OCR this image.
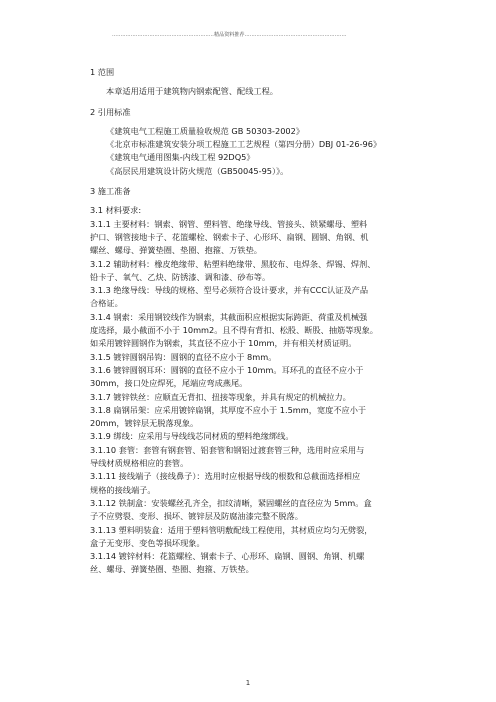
……………………………………………………精品资料推荐……………………………………………………

1 范围

本章适用适用于建筑物内钢索配管、配线工程。

2 引用标准

《建筑电气工程施工质量验收规范 GB 50303-2002》

《北京市标准建筑安装分项工程施工工艺规程（第四分册）DBJ 01-26-96》

《建筑电气通用图集-内线工程 92DQ5》

《高层民用建筑设计防火规范（GB50045-95）》。

3 施工准备

3.1 材料要求:

3.1.1 主要材料：钢索、钢管、塑料管、绝缘导线、管接头、锁紧螺母、塑料

护口、钢管接地卡子、花篮螺栓、钢索卡子、心形环、扁钢、圆钢、角钢、机

螺丝、螺母、弹簧垫圈、垫圈、抱箍、万铁垫。

3.1.2 辅助材料：橡皮绝缘带、粘塑料绝缘带、黑胶布、电焊条、焊锡、焊剂、

铅卡子、氧气、乙炔、防锈漆、调和漆、砂布等。

3.1.3 绝缘导线：导线的规格、型号必须符合设计要求，并有CCC认证及产品

合格证。

3.1.4 钢索：采用钢铰线作为钢索，其截面积应根据实际跨距、荷重及机械强

度选择，最小截面不小于 10mm2。且不得有背扣、松股、断股、抽筋等现象。

如采用镀锌圆钢作为钢索，其直径不应小于 10mm，并有相关材质证明。

3.1.5 镀锌圆钢吊钩：圆钢的直径不应小于 8mm。

3.1.6 镀锌圆钢耳环：圆钢的直径不应小于 10mm。耳环孔的直径不应小于

30mm，接口处应焊死，尾端应弯成燕尾。

3.1.7 镀锌铁丝：应顺直无背扣、扭接等现象，并具有规定的机械拉力。

3.1.8 扁钢吊架：应采用镀锌扁钢，其厚度不应小于 1.5mm，宽度不应小于

20mm，镀锌层无脱落现象。

3.1.9 绑线：应采用与导线线芯同材质的塑料绝缘绑线。

3.1.10 套管：套管有钢套管、铝套管和钢铝过渡套管三种，选用时应采用与

导线材质规格相应的套管。

3.1.11 接线端子（接线鼻子）：选用时应根据导线的根数和总截面选择相应

规格的接线端子。

3.1.12 铁制盒：安装螺丝孔齐全，扣纹清晰，紧固螺丝的直径应为 5mm。盒

子不应劈裂、变形、损坏、镀锌层及防腐油漆完整不脱落。

3.1.13 塑料明装盒：适用于塑料管明敷配线工程使用，其材质应均匀无劈裂，

盒子无变形、变色等损坏现象。

3.1.14 镀锌材料：花篮螺栓、钢索卡子、心形环、扁钢、圆钢、角钢、机螺

丝、螺母、弹簧垫圈、垫圈、抱箍、万铁垫。

1
